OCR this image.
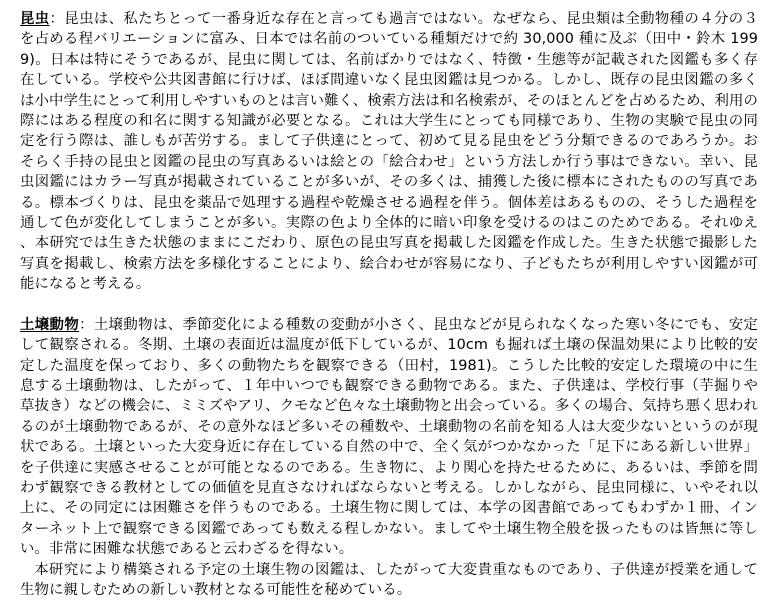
昆虫：昆虫は、私たちとって一番身近な存在と言っても過言ではない。なぜなら、昆虫類は全動物種の４分の３を占める程バリエーションに富み、日本では名前のついている種類だけで約 30,000 種に及ぶ（田中・鈴木 1999)。日本は特にそうであるが、昆虫に関しては、名前ばかりではなく、特徴・生態等が記載された図鑑も多く存在している。学校や公共図書館に行けば、ほぼ間違いなく昆虫図鑑は見つかる。しかし、既存の昆虫図鑑の多くは小中学生にとって利用しやすいものとは言い難く、検索方法は和名検索が、そのほとんどを占めるため、利用の際にはある程度の和名に関する知識が必要となる。これは大学生にとっても同様であり、生物の実験で昆虫の同定を行う際は、誰しもが苦労する。まして子供達にとって、初めて見る昆虫をどう分類できるのであろうか。おそらく手持の昆虫と図鑑の昆虫の写真あるいは絵との「絵合わせ」という方法しか行う事はできない。幸い、昆虫図鑑にはカラー写真が掲載されていることが多いが、その多くは、捕獲した後に標本にされたものの写真である。標本づくりは、昆虫を薬品で処理する過程や乾燥させる過程を伴う。個体差はあるものの、そうした過程を通して色が変化してしまうことが多い。実際の色より全体的に暗い印象を受けるのはこのためである。それゆえ、本研究では生きた状態のままにこだわり、原色の昆虫写真を掲載した図鑑を作成した。生きた状態で撮影した写真を掲載し、検索方法を多様化することにより、絵合わせが容易になり、子どもたちが利用しやすい図鑑が可能になると考える。

土壌動物：土壌動物は、季節変化による種数の変動が小さく、昆虫などが見られなくなった寒い冬にでも、安定して観察される。冬期、土壌の表面近は温度が低下しているが、10cm も掘れば土壌の保温効果により比較的安定した温度を保っており、多くの動物たちを観察できる（田村，1981)。こうした比較的安定した環境の中に生息する土壌動物は、したがって、１年中いつでも観察できる動物である。また、子供達は、学校行事（芋掘りや草抜き）などの機会に、ミミズやアリ、クモなど色々な土壌動物と出会っている。多くの場合、気持ち悪く思われるのが土壌動物であるが、その意外なほど多いその種数や、土壌動物の名前を知る人は大変少ないというのが現状である。土壌といった大変身近に存在している自然の中で、全く気がつかなかった「足下にある新しい世界」を子供達に実感させることが可能となるのである。生き物に、より関心を持たせるために、あるいは、季節を問わず観察できる教材としての価値を見直さなければならないと考える。しかしながら、昆虫同様に、いやそれ以上に、その同定には困難さを伴うものである。土壌生物に関しては、本学の図書館であってもわずか１冊、インターネット上で観察できる図鑑であっても数える程しかない。ましてや土壌生物全般を扱ったものは皆無に等しい。非常に困難な状態であると云わざるを得ない。

本研究により構築される予定の土壌生物の図鑑は、したがって大変貴重なものであり、子供達が授業を通して生物に親しむための新しい教材となる可能性を秘めている。
